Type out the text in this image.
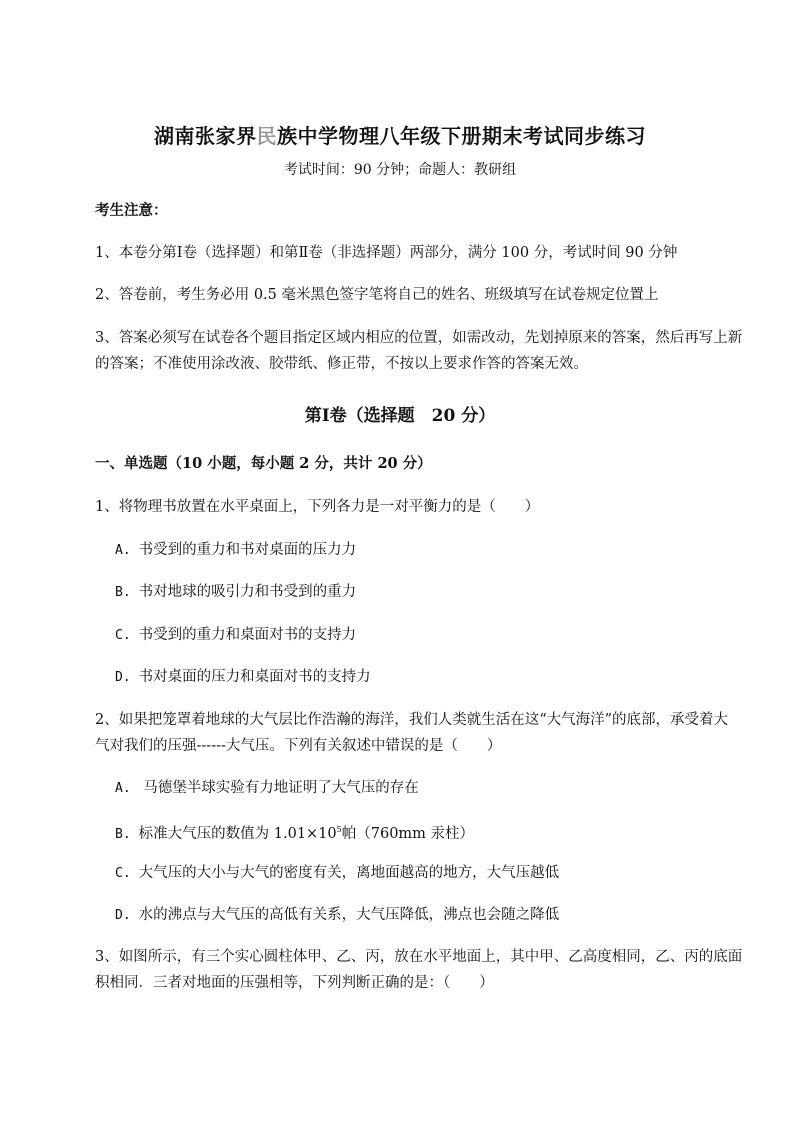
湖南张家界民族中学物理八年级下册期末考试同步练习
考试时间：90 分钟；命题人：教研组
考生注意：
1、本卷分第Ⅰ卷（选择题）和第Ⅱ卷（非选择题）两部分，满分 100 分，考试时间 90 分钟
2、答卷前，考生务必用 0.5 毫米黑色签字笔将自己的姓名、班级填写在试卷规定位置上
3、答案必须写在试卷各个题目指定区域内相应的位置，如需改动，先划掉原来的答案，然后再写上新
的答案；不准使用涂改液、胶带纸、修正带，不按以上要求作答的答案无效。
第Ⅰ卷（选择题　20 分）
一、单选题（10 小题，每小题 2 分，共计 20 分）
1、将物理书放置在水平桌面上，下列各力是一对平衡力的是（　　）
A. 书受到的重力和书对桌面的压力力
B. 书对地球的吸引力和书受到的重力
C. 书受到的重力和桌面对书的支持力
D. 书对桌面的压力和桌面对书的支持力
2、如果把笼罩着地球的大气层比作浩瀚的海洋，我们人类就生活在这“大气海洋”的底部，承受着大
气对我们的压强------大气压。下列有关叙述中错误的是（　　）
A. 马德堡半球实验有力地证明了大气压的存在
B. 标准大气压的数值为 $1.01\times 10^5$帕（760mm 汞柱）
C. 大气压的大小与大气的密度有关，离地面越高的地方，大气压越低
D. 水的沸点与大气压的高低有关系，大气压降低，沸点也会随之降低
3、如图所示，有三个实心圆柱体甲、乙、丙，放在水平地面上，其中甲、乙高度相同，乙、丙的底面
积相同．三者对地面的压强相等，下列判断正确的是：（　　）
